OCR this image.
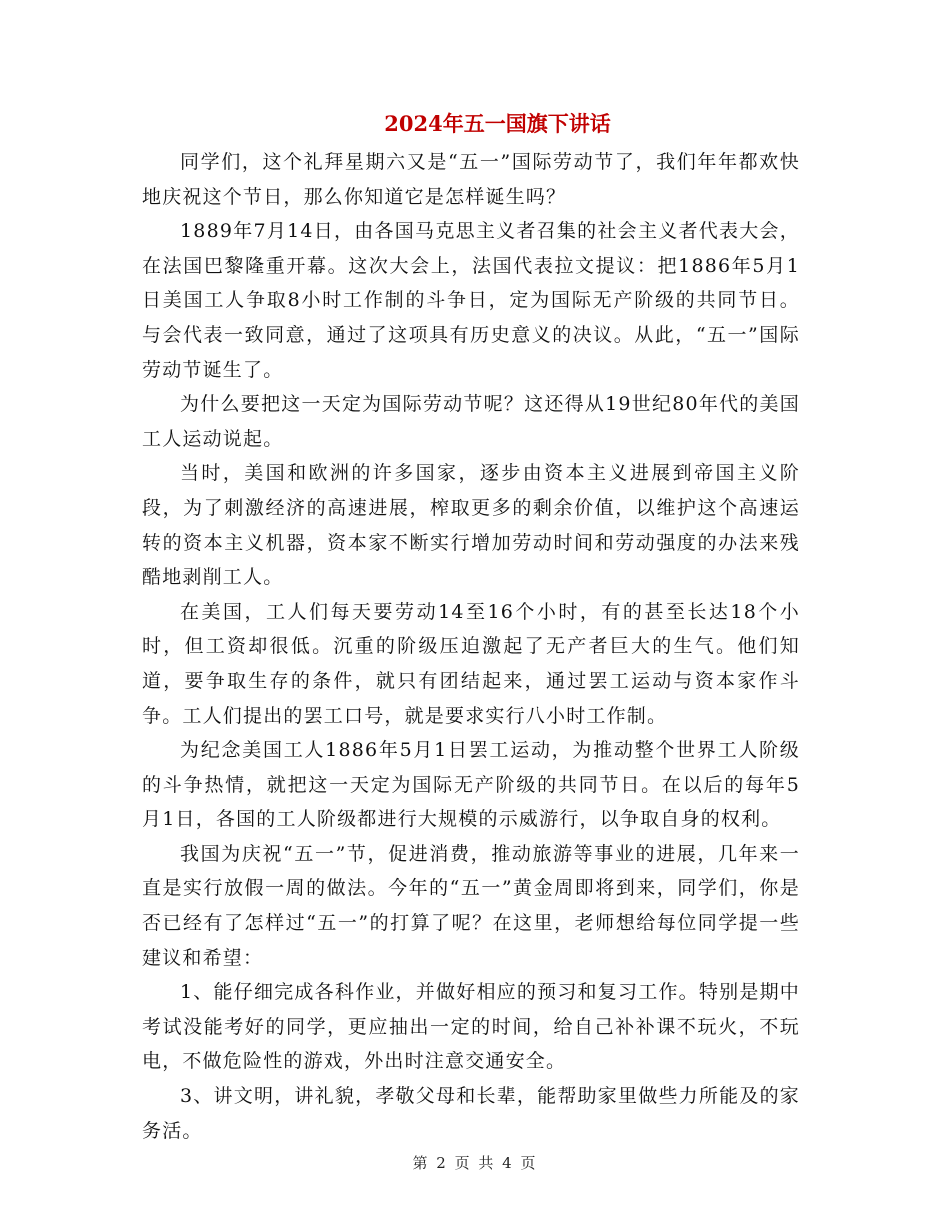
2024年五一国旗下讲话

同学们，这个礼拜星期六又是“五一”国际劳动节了，我们年年都欢快地庆祝这个节日，那么你知道它是怎样诞生吗？

1889年7月14日，由各国马克思主义者召集的社会主义者代表大会，在法国巴黎隆重开幕。这次大会上，法国代表拉文提议：把1886年5月1日美国工人争取8小时工作制的斗争日，定为国际无产阶级的共同节日。与会代表一致同意，通过了这项具有历史意义的决议。从此，“五一”国际劳动节诞生了。

为什么要把这一天定为国际劳动节呢？这还得从19世纪80年代的美国工人运动说起。

当时，美国和欧洲的许多国家，逐步由资本主义进展到帝国主义阶段，为了刺激经济的高速进展，榨取更多的剩余价值，以维护这个高速运转的资本主义机器，资本家不断实行增加劳动时间和劳动强度的办法来残酷地剥削工人。

在美国，工人们每天要劳动14至16个小时，有的甚至长达18个小时，但工资却很低。沉重的阶级压迫激起了无产者巨大的生气。他们知道，要争取生存的条件，就只有团结起来，通过罢工运动与资本家作斗争。工人们提出的罢工口号，就是要求实行八小时工作制。

为纪念美国工人1886年5月1日罢工运动，为推动整个世界工人阶级的斗争热情，就把这一天定为国际无产阶级的共同节日。在以后的每年5月1日，各国的工人阶级都进行大规模的示威游行，以争取自身的权利。

我国为庆祝“五一”节，促进消费，推动旅游等事业的进展，几年来一直是实行放假一周的做法。今年的“五一”黄金周即将到来，同学们，你是否已经有了怎样过“五一”的打算了呢？在这里，老师想给每位同学提一些建议和希望：

1、能仔细完成各科作业，并做好相应的预习和复习工作。特别是期中考试没能考好的同学，更应抽出一定的时间，给自己补补课不玩火，不玩电，不做危险性的游戏，外出时注意交通安全。

3、讲文明，讲礼貌，孝敬父母和长辈，能帮助家里做些力所能及的家务活。

第 2 页 共 4 页
